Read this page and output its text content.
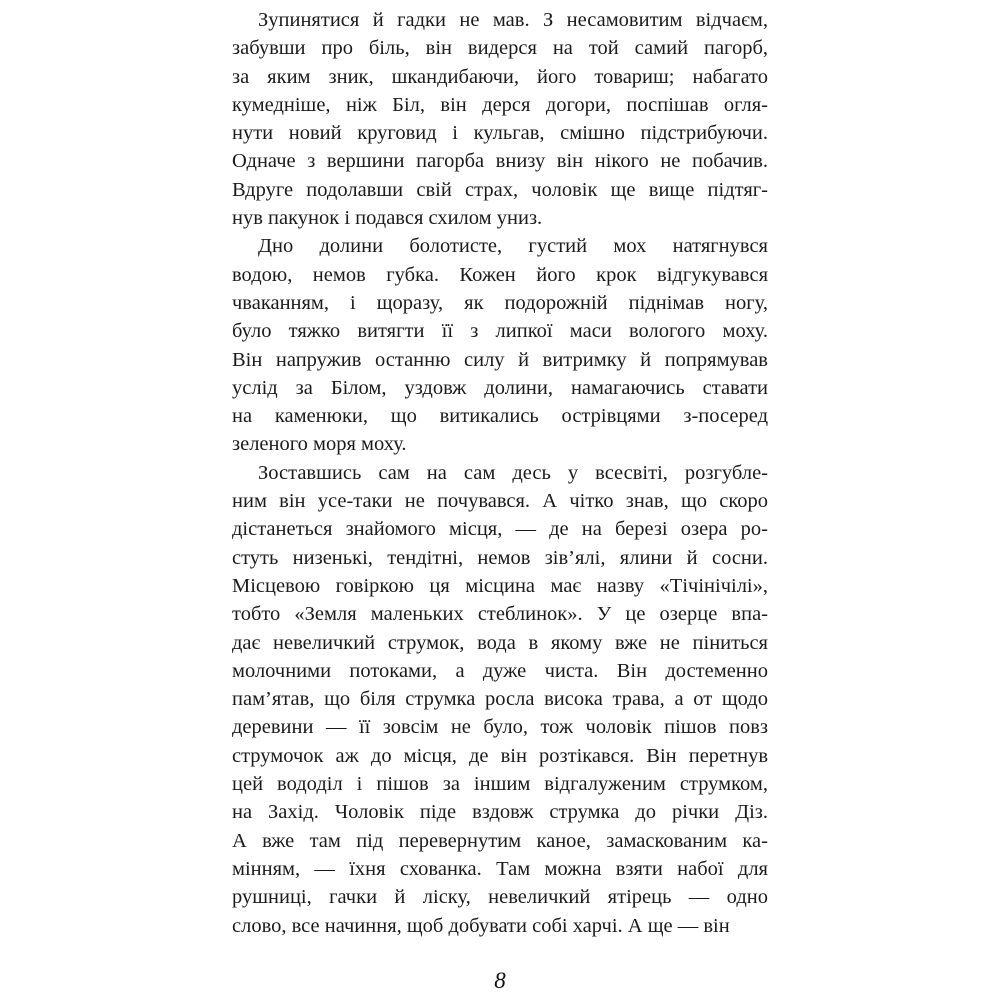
Зупинятися й гадки не мав. З несамовитим відчаєм,
забувши про біль, він видерся на той самий пагорб,
за яким зник, шкандибаючи, його товариш; набагато
кумедніше, ніж Біл, він дерся догори, поспішав огля-
нути новий круговид і кульгав, смішно підстрибуючи.
Одначе з вершини пагорба внизу він нікого не побачив.
Вдруге подолавши свій страх, чоловік ще вище підтяг-
нув пакунок і подався схилом униз.
Дно долини болотисте, густий мох натягнувся
водою, немов губка. Кожен його крок відгукувався
чваканням, і щоразу, як подорожній піднімав ногу,
було тяжко витягти її з липкої маси вологого моху.
Він напружив останню силу й витримку й попрямував
услід за Білом, уздовж долини, намагаючись ставати
на каменюки, що витикались острівцями з-посеред
зеленого моря моху.
Зоставшись сам на сам десь у всесвіті, розгубле-
ним він усе-таки не почувався. А чітко знав, що скоро
дістанеться знайомого місця, — де на березі озера ро-
стуть низенькі, тендітні, немов зів’ялі, ялини й сосни.
Місцевою говіркою ця місцина має назву «Тічінічілі»,
тобто «Земля маленьких стеблинок». У це озерце впа-
дає невеличкий струмок, вода в якому вже не піниться
молочними потоками, а дуже чиста. Він достеменно
пам’ятав, що біля струмка росла висока трава, а от щодо
деревини — її зовсім не було, тож чоловік пішов повз
струмочок аж до місця, де він розтікався. Він перетнув
цей вододіл і пішов за іншим відгалуженим струмком,
на Захід. Чоловік піде вздовж струмка до річки Діз.
А вже там під перевернутим каное, замаскованим ка-
мінням, — їхня схованка. Там можна взяти набої для
рушниці, гачки й ліску, невеличкий ятірець — одно
слово, все начиння, щоб добувати собі харчі. А ще — він
8
